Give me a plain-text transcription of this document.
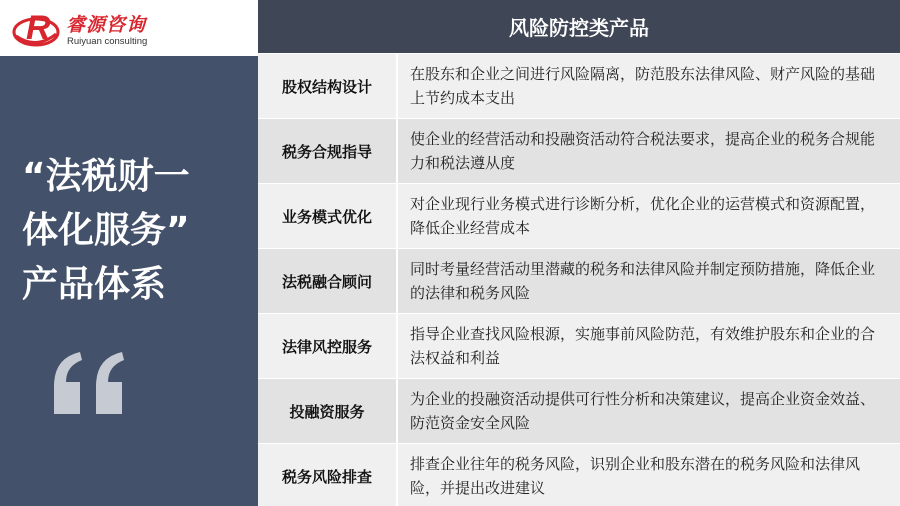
R 睿源咨询
Ruiyuan consulting
“法税财一
体化服务”
产品体系
风险防控类产品
股权结构设计
在股东和企业之间进行风险隔离，防范股东法律风险、财产风险的基础上节约成本支出
税务合规指导
使企业的经营活动和投融资活动符合税法要求，提高企业的税务合规能力和税法遵从度
业务模式优化
对企业现行业务模式进行诊断分析，优化企业的运营模式和资源配置，降低企业经营成本
法税融合顾问
同时考量经营活动里潜藏的税务和法律风险并制定预防措施，降低企业的法律和税务风险
法律风控服务
指导企业查找风险根源，实施事前风险防范，有效维护股东和企业的合法权益和利益
投融资服务
为企业的投融资活动提供可行性分析和决策建议，提高企业资金效益、防范资金安全风险
税务风险排查
排查企业往年的税务风险，识别企业和股东潜在的税务风险和法律风险，并提出改进建议
